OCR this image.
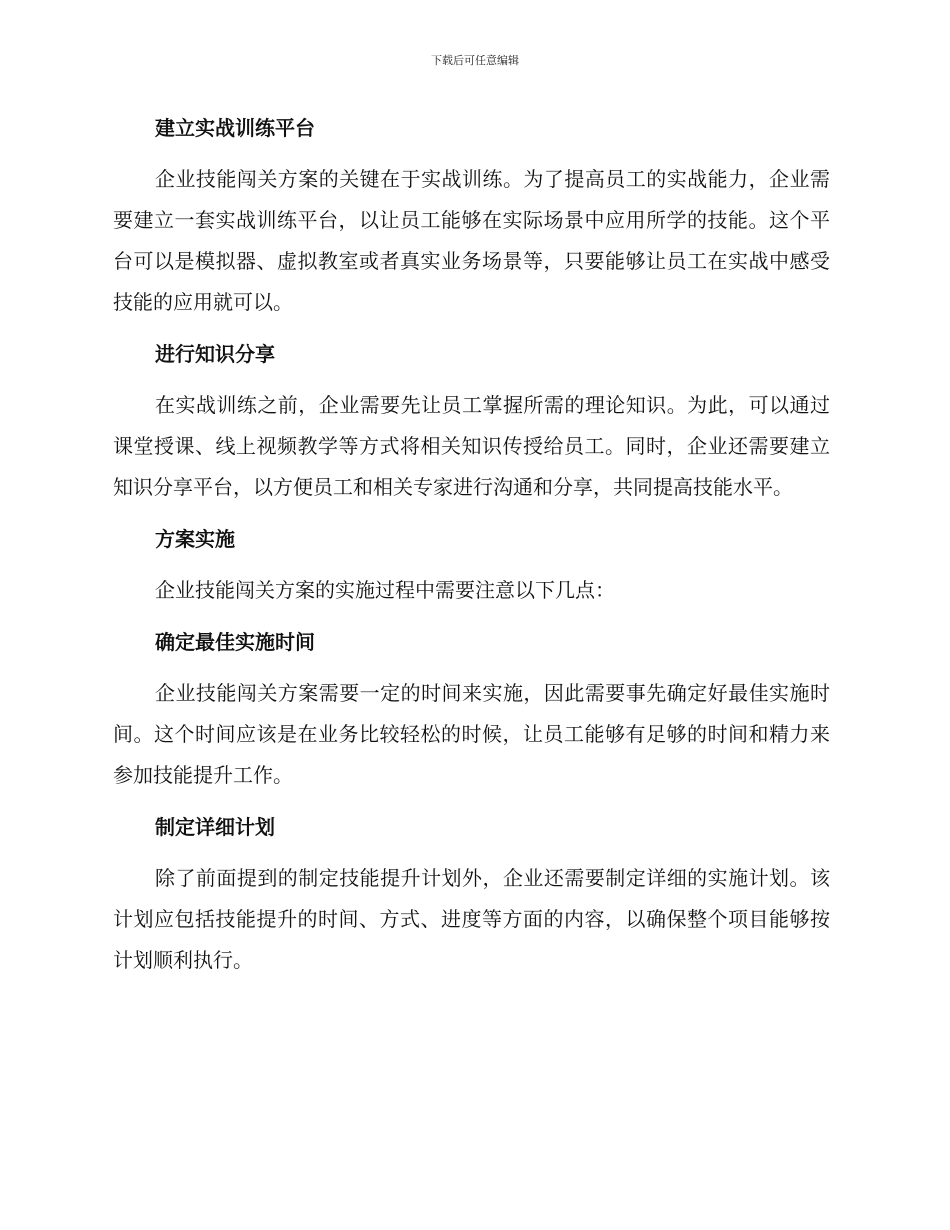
下载后可任意编辑
建立实战训练平台

企业技能闯关方案的关键在于实战训练。为了提高员工的实战能力，企业需要建立一套实战训练平台，以让员工能够在实际场景中应用所学的技能。这个平台可以是模拟器、虚拟教室或者真实业务场景等，只要能够让员工在实战中感受技能的应用就可以。

进行知识分享

在实战训练之前，企业需要先让员工掌握所需的理论知识。为此，可以通过课堂授课、线上视频教学等方式将相关知识传授给员工。同时，企业还需要建立知识分享平台，以方便员工和相关专家进行沟通和分享，共同提高技能水平。

方案实施

企业技能闯关方案的实施过程中需要注意以下几点：

确定最佳实施时间

企业技能闯关方案需要一定的时间来实施，因此需要事先确定好最佳实施时间。这个时间应该是在业务比较轻松的时候，让员工能够有足够的时间和精力来参加技能提升工作。

制定详细计划

除了前面提到的制定技能提升计划外，企业还需要制定详细的实施计划。该计划应包括技能提升的时间、方式、进度等方面的内容，以确保整个项目能够按计划顺利执行。
